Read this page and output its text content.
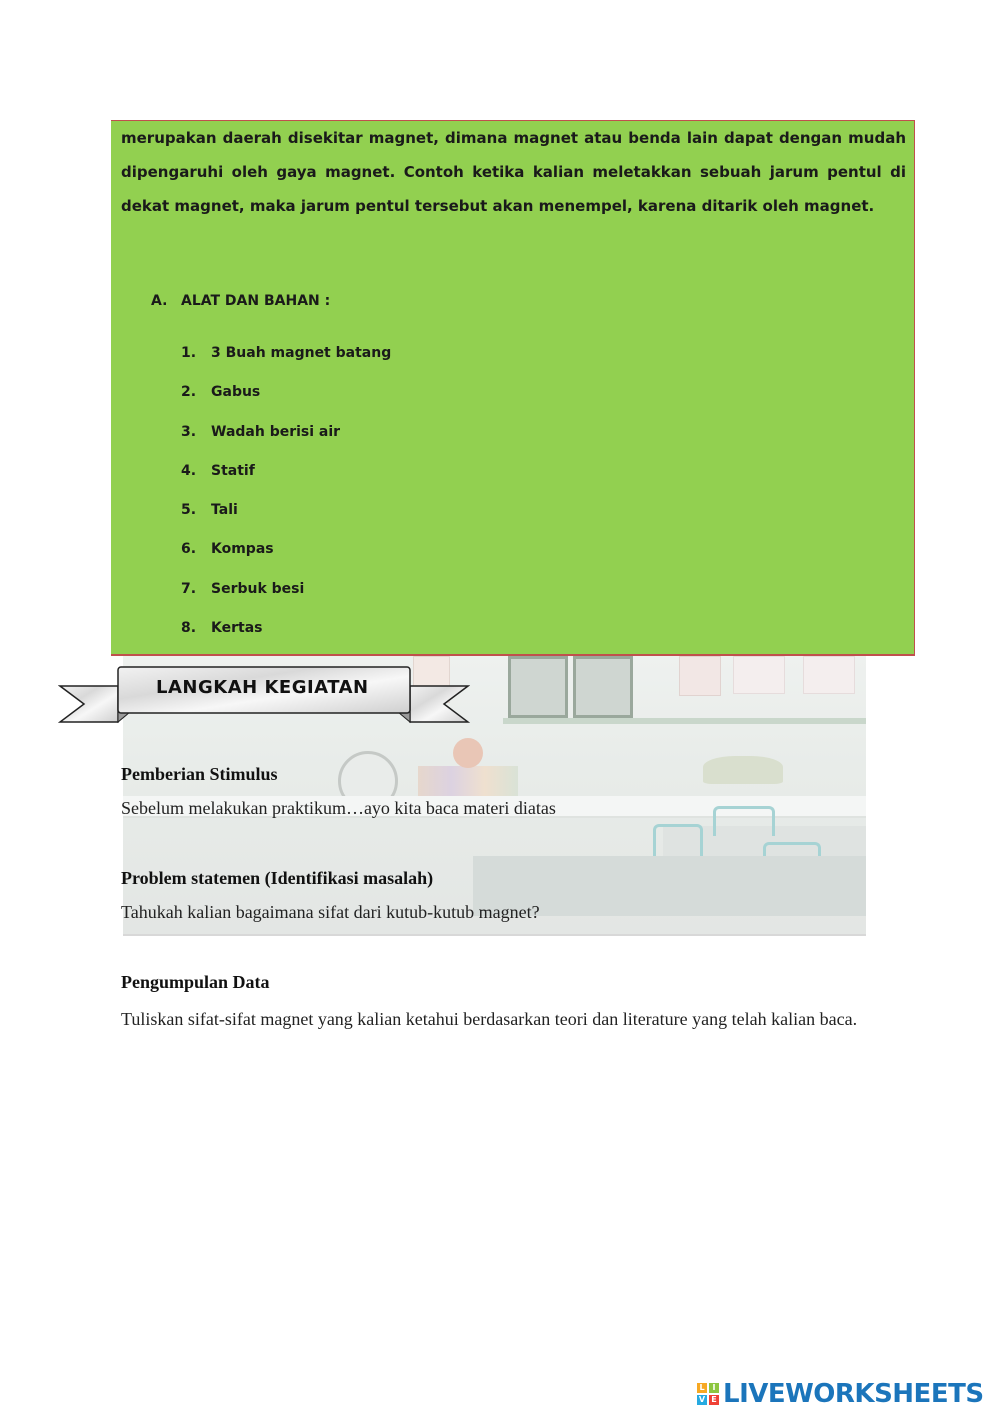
merupakan daerah disekitar magnet, dimana magnet atau benda lain dapat dengan mudah dipengaruhi oleh gaya magnet. Contoh ketika kalian meletakkan sebuah jarum pentul di dekat magnet, maka jarum pentul tersebut akan menempel, karena ditarik oleh magnet.
A. ALAT DAN BAHAN :
1. 3 Buah magnet batang
2. Gabus
3. Wadah berisi air
4. Statif
5. Tali
6. Kompas
7. Serbuk besi
8. Kertas
LANGKAH KEGIATAN
Pemberian Stimulus
Sebelum melakukan praktikum…ayo kita baca materi diatas
Problem statemen (Identifikasi masalah)
Tahukah kalian bagaimana sifat dari kutub-kutub magnet?
Pengumpulan Data
Tuliskan sifat-sifat magnet yang kalian ketahui berdasarkan teori dan literature yang telah kalian baca.
L I
V E LIVEWORKSHEETS
